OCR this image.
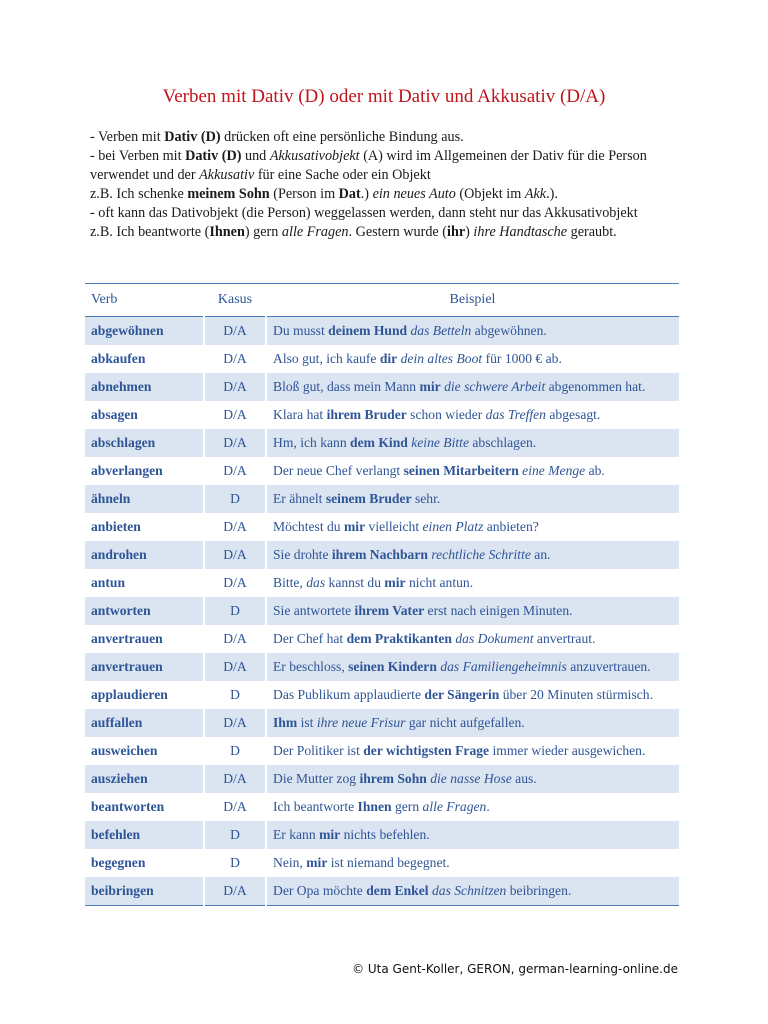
Verben mit Dativ (D) oder mit Dativ und Akkusativ (D/A)

- Verben mit Dativ (D) drücken oft eine persönliche Bindung aus.

- bei Verben mit Dativ (D) und Akkusativobjekt (A) wird im Allgemeinen der Dativ für die Person verwendet und der Akkusativ für eine Sache oder ein Objekt

z.B. Ich schenke meinem Sohn (Person im Dat.) ein neues Auto (Objekt im Akk.).

- oft kann das Dativobjekt (die Person) weggelassen werden, dann steht nur das Akkusativobjekt

z.B. Ich beantworte (Ihnen) gern alle Fragen. Gestern wurde (ihr) ihre Handtasche geraubt.

Verb	Kasus	Beispiel
abgewöhnen	D/A	Du musst deinem Hund das Betteln abgewöhnen.
abkaufen	D/A	Also gut, ich kaufe dir dein altes Boot für 1000 € ab.
abnehmen	D/A	Bloß gut, dass mein Mann mir die schwere Arbeit abgenommen hat.
absagen	D/A	Klara hat ihrem Bruder schon wieder das Treffen abgesagt.
abschlagen	D/A	Hm, ich kann dem Kind keine Bitte abschlagen.
abverlangen	D/A	Der neue Chef verlangt seinen Mitarbeitern eine Menge ab.
ähneln	D	Er ähnelt seinem Bruder sehr.
anbieten	D/A	Möchtest du mir vielleicht einen Platz anbieten?
androhen	D/A	Sie drohte ihrem Nachbarn rechtliche Schritte an.
antun	D/A	Bitte, das kannst du mir nicht antun.
antworten	D	Sie antwortete ihrem Vater erst nach einigen Minuten.
anvertrauen	D/A	Der Chef hat dem Praktikanten das Dokument anvertraut.
anvertrauen	D/A	Er beschloss, seinen Kindern das Familiengeheimnis anzuvertrauen.
applaudieren	D	Das Publikum applaudierte der Sängerin über 20 Minuten stürmisch.
auffallen	D/A	Ihm ist ihre neue Frisur gar nicht aufgefallen.
ausweichen	D	Der Politiker ist der wichtigsten Frage immer wieder ausgewichen.
ausziehen	D/A	Die Mutter zog ihrem Sohn die nasse Hose aus.
beantworten	D/A	Ich beantworte Ihnen gern alle Fragen.
befehlen	D	Er kann mir nichts befehlen.
begegnen	D	Nein, mir ist niemand begegnet.
beibringen	D/A	Der Opa möchte dem Enkel das Schnitzen beibringen.
© Uta Gent-Koller, GERON, german-learning-online.de
